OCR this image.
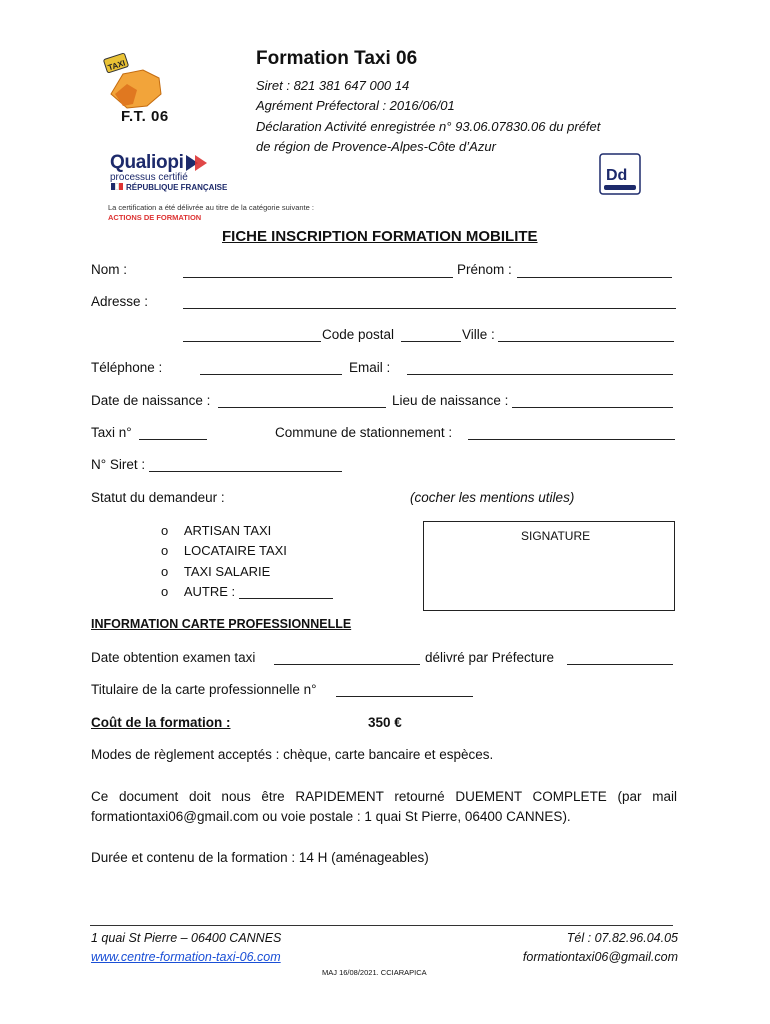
TAXI
F.T. 06
Formation Taxi 06
Siret : 821 381 647 000 14
Agrément Préfectoral : 2016/06/01
Déclaration Activité enregistrée n° 93.06.07830.06 du préfet
de région de Provence-Alpes-Côte d’Azur
Qualiopi
processus certifié
RÉPUBLIQUE FRANÇAISE
La certification a été délivrée au titre de la catégorie suivante :
ACTIONS DE FORMATION
Dd
FICHE INSCRIPTION FORMATION MOBILITE
Nom :	Prénom :
Adresse :
Code postal	Ville :
Téléphone :	Email :
Date de naissance :	Lieu de naissance :
Taxi n°	Commune de stationnement :
N° Siret :
Statut du demandeur :	(cocher les mentions utiles)
o ARTISAN TAXI
o LOCATAIRE TAXI
o TAXI SALARIE
o AUTRE :
SIGNATURE
INFORMATION CARTE PROFESSIONNELLE
Date obtention examen taxi	délivré par Préfecture
Titulaire de la carte professionnelle n°
Coût de la formation :	350 €
Modes de règlement acceptés : chèque, carte bancaire et espèces.
Ce document doit nous être RAPIDEMENT retourné DUEMENT COMPLETE (par mail
formationtaxi06@gmail.com ou voie postale : 1 quai St Pierre, 06400 CANNES).
Durée et contenu de la formation : 14 H (aménageables)
1 quai St Pierre – 06400 CANNES
www.centre-formation-taxi-06.com
Tél : 07.82.96.04.05
formationtaxi06@gmail.com
MAJ 16/08/2021. CCIARAPICA
